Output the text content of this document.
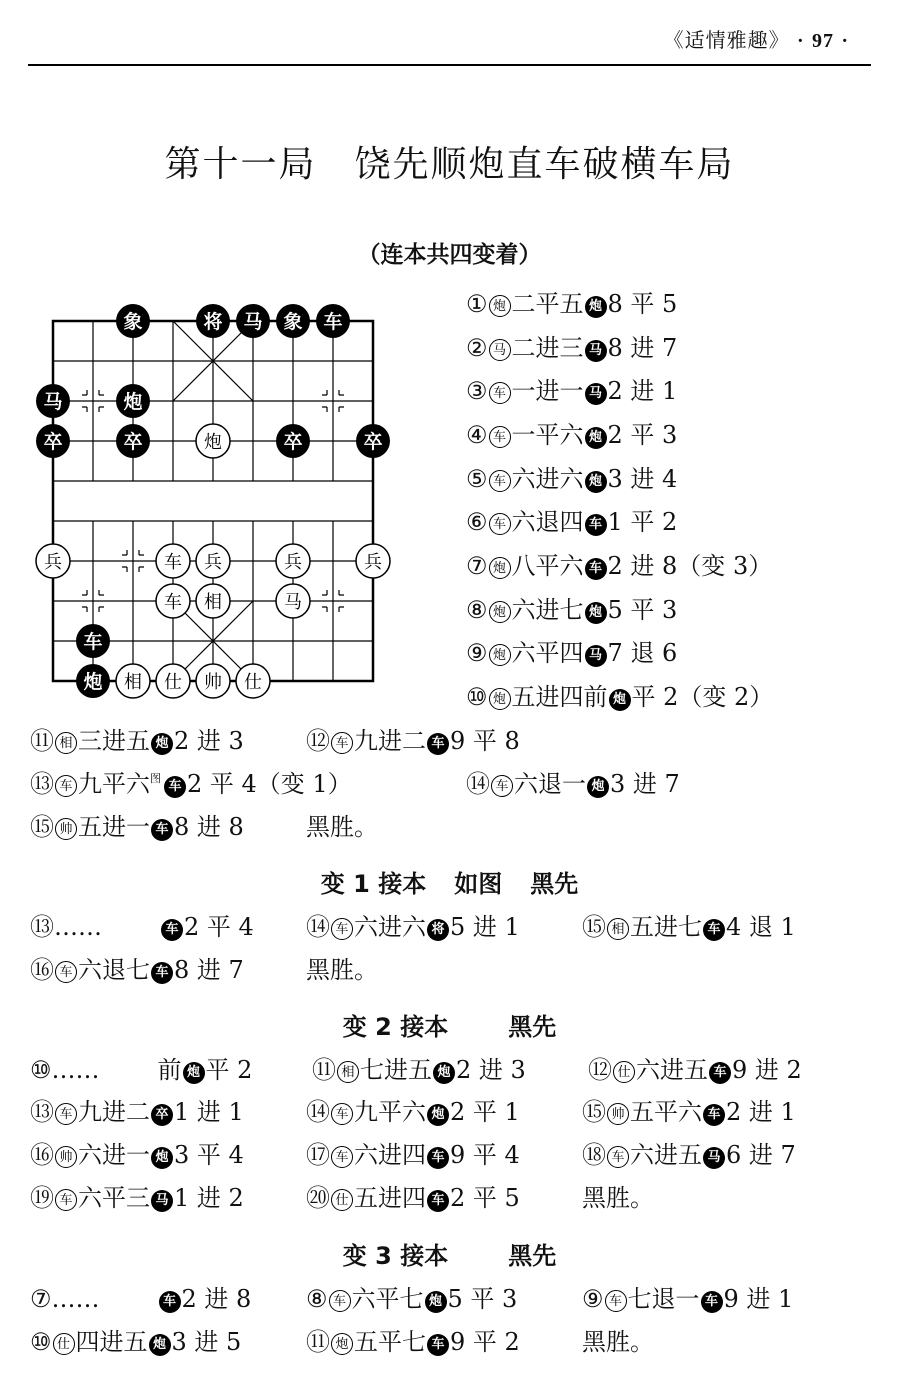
《适情雅趣》 · 97 ·
第十一局　饶先顺炮直车破横车局
（连本共四变着）
象	将 马 象 车
马	炮
卒	卒	卒	卒
车
炮
炮
兵	车 兵	兵	兵
车 相	马
相 仕 帅 仕
① 炮 二平五 炮 8 平 5
② 马 二进三 马 8 进 7
③ 车 一进一 马 2 进 1
④ 车 一平六 炮 2 平 3
⑤ 车 六进六 炮 3 进 4
⑥ 车 六退四 车 1 平 2
⑦ 炮 八平六 车 2 进 8（变 3）
⑧ 炮 六进七 炮 5 平 3
⑨ 炮 六平四 马 7 退 6
⑩ 炮 五进四前 炮 平 2（变 2）
⑪ 相 三进五 炮 2 进 3	⑫ 车 九进二 车 9 平 8
⑬ 车 九平六$^图$车 2 平 4（变 1）	⑭ 车 六退一 炮 3 进 7
⑮ 帅 五进一 车 8 进 8	黑胜。
变 1 接本 如图 黑先
⑬……	车 2 平 4 ⑭ 车 六进六 将 5 进 1	⑮ 相 五进七 车 4 退 1
⑯ 车 六退七 车 8 进 7	黑胜。
变 2 接本	黑先
⑩…… 前 炮 平 2 ⑪ 相 七进五 炮 2 进 3	⑫ 仕 六进五 车 9 进 2
⑬ 车 九进二 卒 1 进 1	⑭ 车 九平六 炮 2 平 1	⑮ 帅 五平六 车 2 进 1
⑯ 帅 六进一 炮 3 平 4	⑰ 车 六进四 车 9 平 4	⑱ 车 六进五 马 6 进 7
⑲ 车 六平三 马 1 进 2	⑳ 仕 五进四 车 2 平 5	黑胜。
变 3 接本	黑先
⑦……	车 2 进 8 ⑧ 车 六平七 炮 5 平 3	⑨ 车 七退一 车 9 进 1
⑩ 仕 四进五 炮 3 进 5	⑪ 炮 五平七 车 9 平 2	黑胜。
